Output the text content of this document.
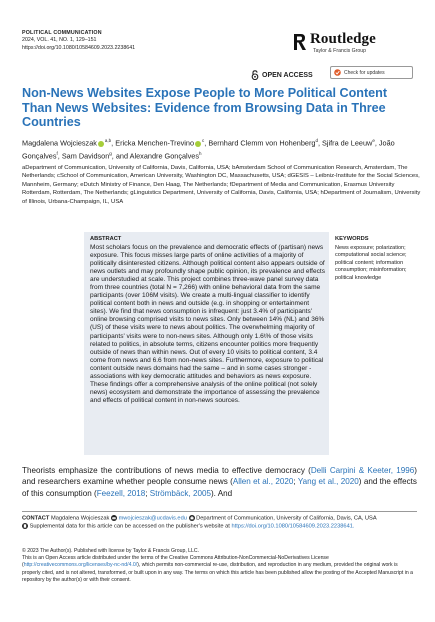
POLITICAL COMMUNICATION
2024, VOL. 41, NO. 1, 129–151
https://doi.org/10.1080/10584609.2023.2238641
Routledge
Taylor & Francis Group
OPEN ACCESS	Check for updates
Non-News Websites Expose People to More Political Content Than News Websites: Evidence from Browsing Data in Three Countries
Magdalena Wojcieszak $^{a,b}$, Ericka Menchen-Trevino $^c$, Bernhard Clemm von Hohenberg$^d$, Sjifra de Leeuw$^e$, João Gonçalves$^f$, Sam Davidson$^g$, and Alexandre Gonçalves$^h$
aDepartment of Communication, University of California, Davis, California, USA; bAmsterdam School of Communication Research, Amsterdam, The Netherlands; cSchool of Communication, American University, Washington DC, Massachusetts, USA; dGESIS – Leibniz-Institute for the Social Sciences, Mannheim, Germany; eDutch Ministry of Finance, Den Haag, The Netherlands; fDepartment of Media and Communication, Erasmus University Rotterdam, Rotterdam, The Netherlands; gLinguistics Department, University of California, Davis, California, USA; hDepartment of Journalism, University of Illinois, Urbana-Champaign, IL, USA
ABSTRACT
Most scholars focus on the prevalence and democratic effects of (partisan) news exposure. This focus misses large parts of online activities of a majority of politically disinterested citizens. Although political content also appears outside of news outlets and may profoundly shape public opinion, its prevalence and effects are understudied at scale. This project combines three-wave panel survey data from three countries (total N = 7,266) with online behavioral data from the same participants (over 106M visits). We create a multi-lingual classifier to identify political content both in news and outside (e.g. in shopping or entertainment sites). We find that news consumption is infrequent: just 3.4% of participants' online browsing comprised visits to news sites. Only between 14% (NL) and 36% (US) of these visits were to news about politics. The overwhelming majority of participants' visits were to non-news sites. Although only 1.6\% of those visits related to politics, in absolute terms, citizens encounter politics more frequently outside of news than within news. Out of every 10 visits to political content, 3.4 come from news and 6.6 from non-news sites. Furthermore, exposure to political content outside news domains had the same – and in some cases stronger - associations with key democratic attitudes and behaviors as news exposure. These findings offer a comprehensive analysis of the online political (not solely news) ecosystem and demonstrate the importance of assessing the prevalence and effects of political content in non-news sources.
KEYWORDS
News exposure; polarization; computational social science; political content; information consumption; misinformation; political knowledge
Theorists emphasize the contributions of news media to effective democracy (Delli Carpini & Keeter, 1996) and researchers examine whether people consume news (Allen et al., 2020; Yang et al., 2020) and the effects of this consumption (Feezell, 2018; Strömbäck, 2005). And
CONTACT Magdalena Wojcieszak mwojcieszak@ucdavis.edu Department of Communication, University of California, Davis, CA, USA
Supplemental data for this article can be accessed on the publisher's website at https://doi.org/10.1080/10584609.2023.2238641.
© 2023 The Author(s). Published with license by Taylor & Francis Group, LLC.
This is an Open Access article distributed under the terms of the Creative Commons Attribution-NonCommercial-NoDerivatives License (http://creativecommons.org/licenses/by-nc-nd/4.0/), which permits non-commercial re-use, distribution, and reproduction in any medium, provided the original work is properly cited, and is not altered, transformed, or built upon in any way. The terms on which this article has been published allow the posting of the Accepted Manuscript in a repository by the author(s) or with their consent.
